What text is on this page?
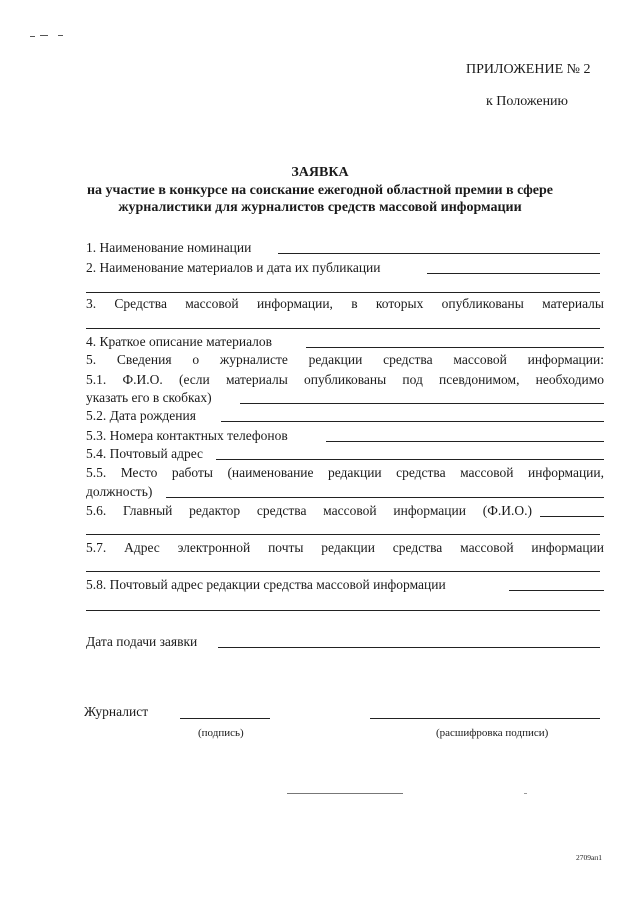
ПРИЛОЖЕНИЕ № 2
к Положению
ЗАЯВКА
на участие в конкурсе на соискание ежегодной областной премии в сфере
журналистики для журналистов средств массовой информации
1. Наименование номинации
2. Наименование материалов и дата их публикации
3. Средства массовой информации, в которых опубликованы материалы
4. Краткое описание материалов
5. Сведения о журналисте редакции средства массовой информации:
5.1. Ф.И.О. (если материалы опубликованы под псевдонимом, необходимо
указать его в скобках)
5.2. Дата рождения
5.3. Номера контактных телефонов
5.4. Почтовый адрес
5.5. Место работы (наименование редакции средства массовой информации,
должность)
5.6. Главный редактор средства массовой информации (Ф.И.О.)
5.7. Адрес электронной почты редакции средства массовой информации
5.8. Почтовый адрес редакции средства массовой информации
Дата подачи заявки
Журналист
(подпись)	(расшифровка подписи)
2709ап1
